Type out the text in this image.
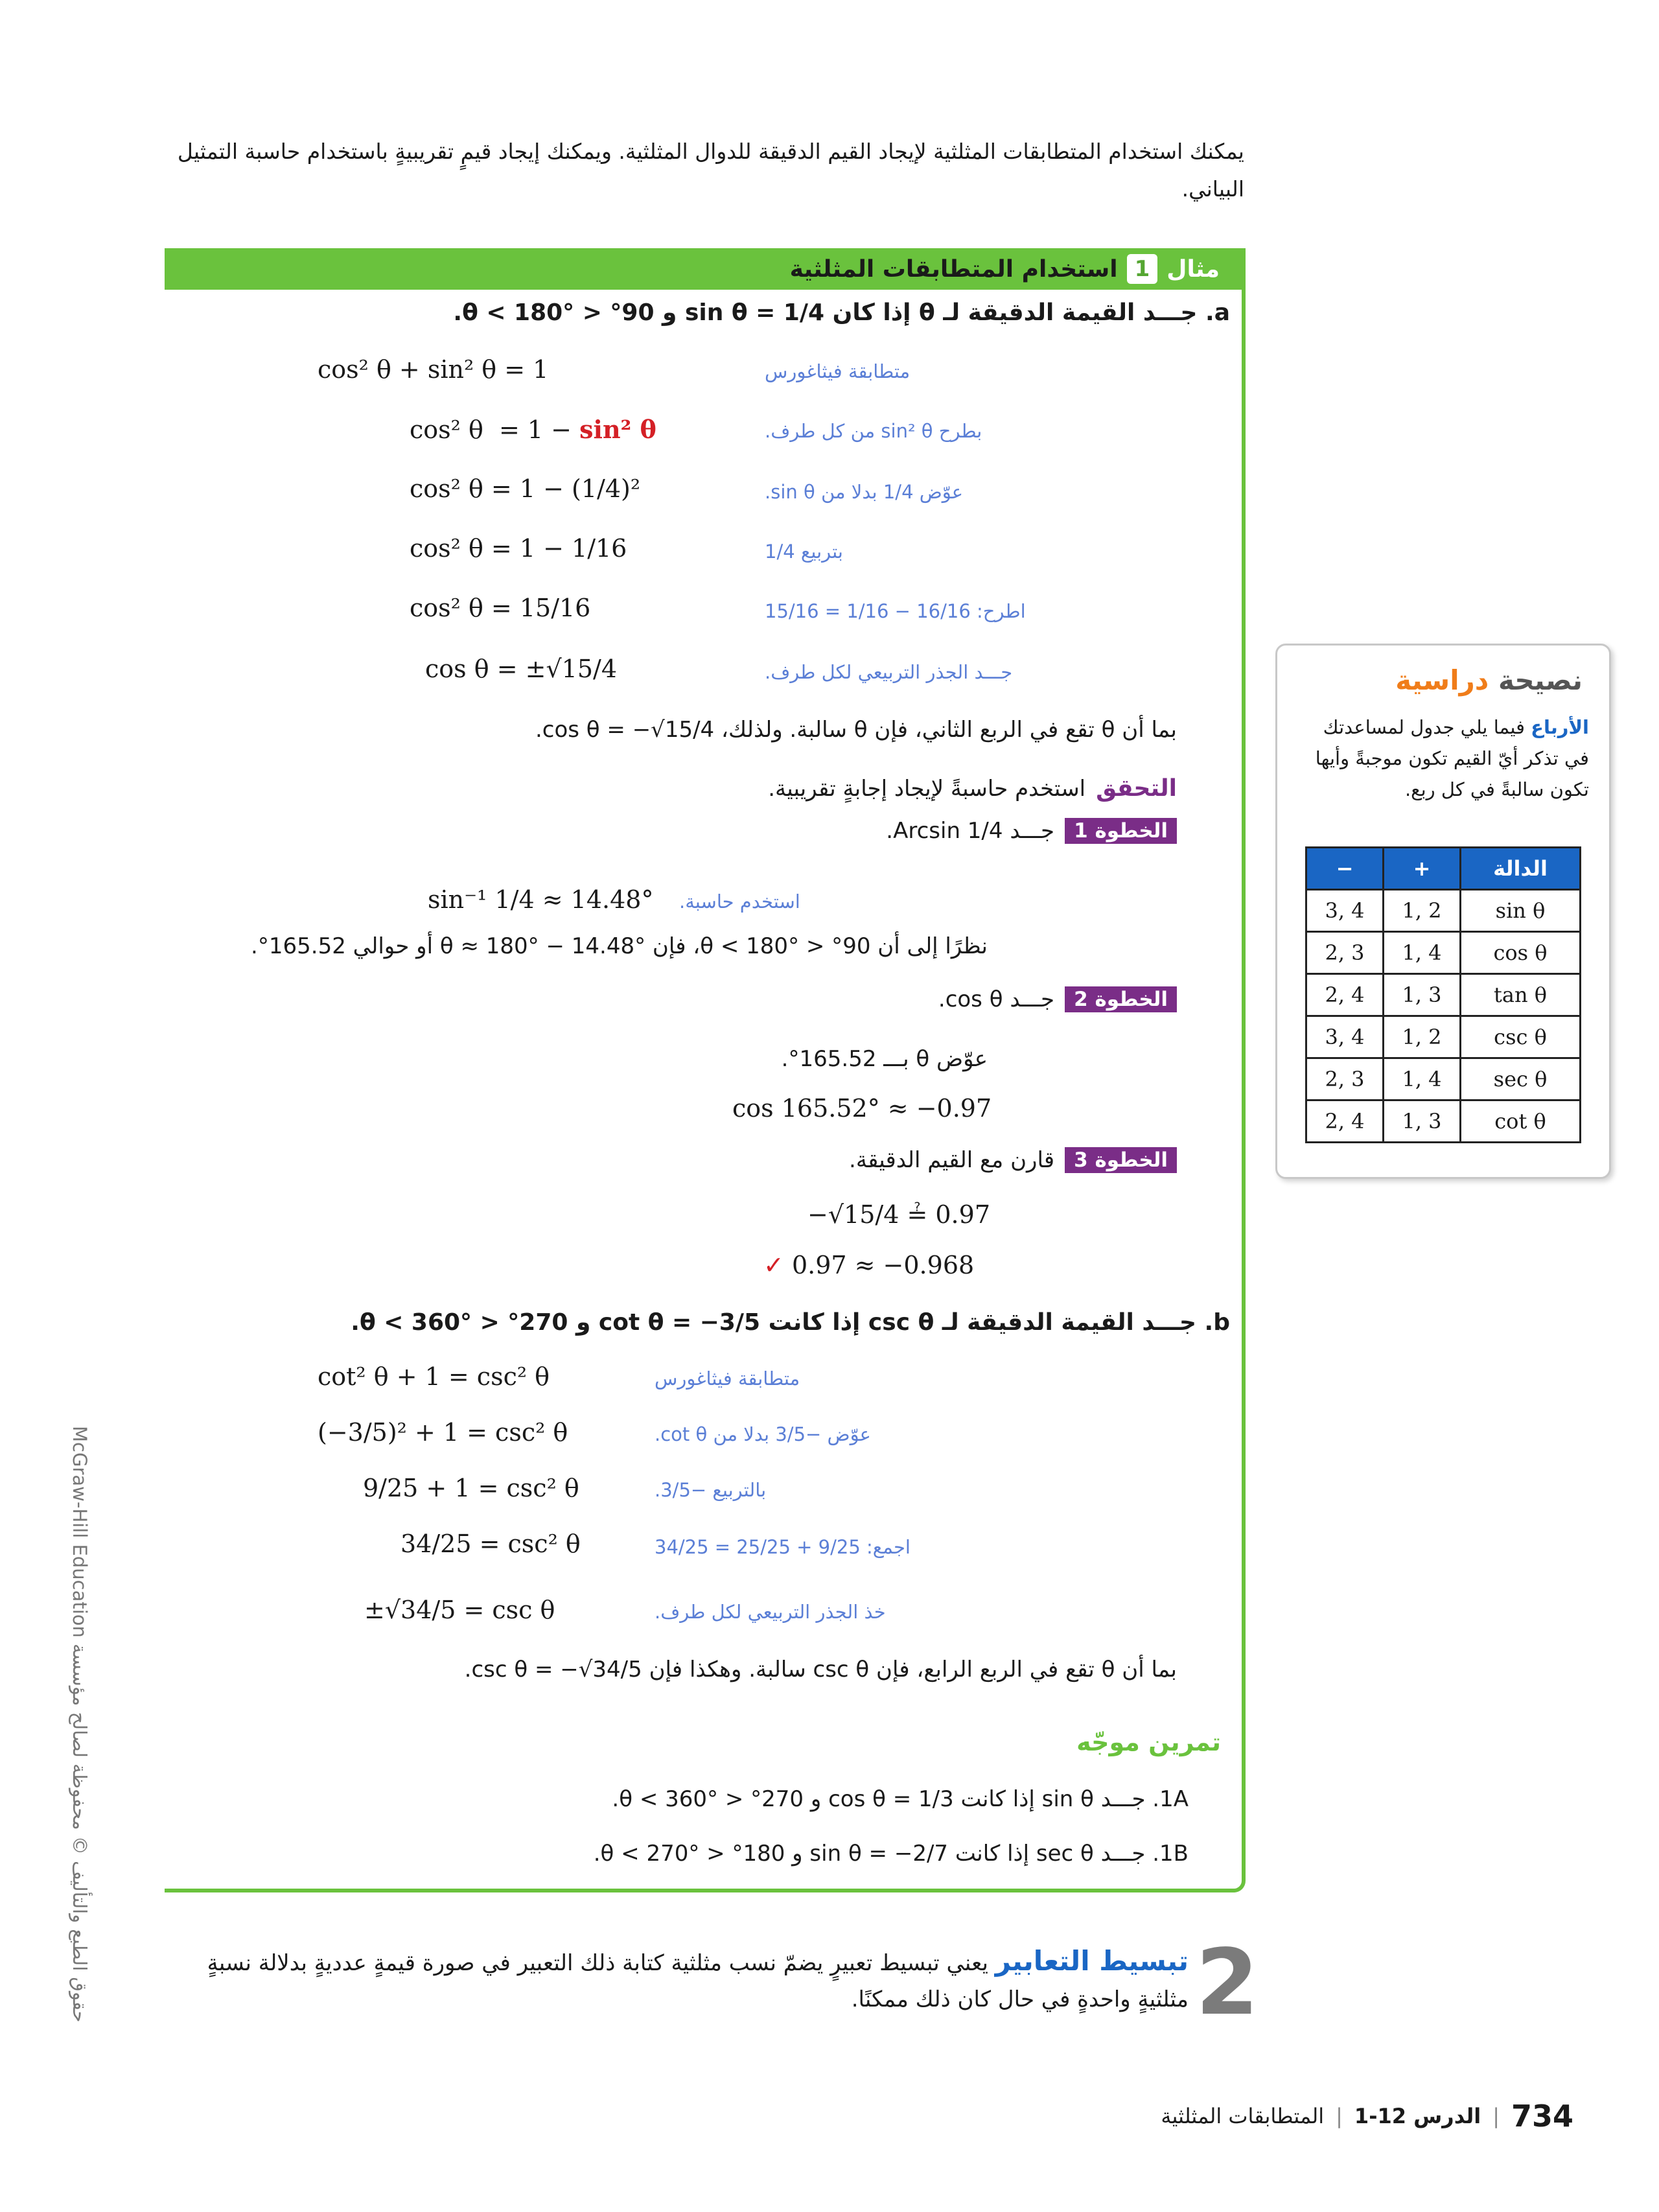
يمكنك استخدام المتطابقات المثلثية لإيجاد القيم الدقيقة للدوال المثلثية. ويمكنك إيجاد قيمٍ تقريبيةٍ باستخدام حاسبة التمثيل البياني.
مثال
1
استخدام المتطابقات المثلثية
a. جـــد القيمة الدقيقة لـ θ إذا كان sin θ = 1/4 و 90° < θ < 180°.
cos² θ + sin² θ = 1	متطابقة فيثاغورس
cos² θ  = 1 − sin² θ	بطرح sin² θ من كل طرف.
cos² θ = 1 − (1/4)²	عوّض 1/4 بدلا من sin θ.
cos² θ = 1 − 1/16	بتربيع 1/4
cos² θ = 15/16	اطرح: 16/16 − 1/16 = 15/16
cos θ = ±√15/4	جـــد الجذر التربيعي لكل طرف.
بما أن θ تقع في الربع الثاني، فإن θ سالبة. ولذلك، cos θ = −√15/4.
التحقق
استخدم حاسبةً لإيجاد إجابةٍ تقريبية.
الخطوة 1
جـــد Arcsin 1/4.
sin⁻¹ 1/4 ≈ 14.48° استخدم حاسبة.
نظرًا إلى أن 90° < θ < 180°، فإن θ ≈ 180° − 14.48° أو حوالي 165.52°.
الخطوة 2
جـــد cos θ.
عوّض θ بـــ 165.52°.
cos 165.52° ≈ −0.97
الخطوة 3
قارن مع القيم الدقيقة.
−√15/4 ≟ 0.97
✓ 0.97 ≈ −0.968
b. جـــد القيمة الدقيقة لـ csc θ إذا كانت cot θ = −3/5 و 270° < θ < 360°.
cot² θ + 1 = csc² θ	متطابقة فيثاغورس
(−3/5)² + 1 = csc² θ	عوّض −3/5 بدلا من cot θ.
9/25 + 1 = csc² θ	بالتربيع −3/5.
34/25 = csc² θ	اجمع: 9/25 + 25/25 = 34/25
±√34/5 = csc θ	خذ الجذر التربيعي لكل طرف.
بما أن θ تقع في الربع الرابع، فإن csc θ سالبة. وهكذا فإن csc θ = −√34/5.
تمرين موجّه
1A. جـــد sin θ إذا كانت cos θ = 1/3 و 270° < θ < 360°.
1B. جـــد sec θ إذا كانت sin θ = −2/7 و 180° < θ < 270°.
نصيحة دراسية
الأرباع فيما يلي جدول لمساعدتك في تذكر أيّ القيم تكون موجبةً وأيها تكون سالبةً في كل ربع.
−	+	الدالة
3, 4	1, 2	sin θ
2, 3	1, 4	cos θ
2, 4	1, 3	tan θ
3, 4	1, 2	csc θ
2, 3	1, 4	sec θ
2, 4	1, 3	cot θ
2
تبسيط التعابير يعني تبسيط تعبيرٍ يضمّ نسب مثلثية كتابة ذلك التعبير في صورة قيمةٍ عدديةٍ بدلالة نسبةٍ مثلثيةٍ واحدةٍ في حال كان ذلك ممكنًا.
McGraw-Hill Education حقوق الطبع والتأليف © محفوظة لصالح مؤسسة
734
|
الدرس 12-1
|
المتطابقات المثلثية
